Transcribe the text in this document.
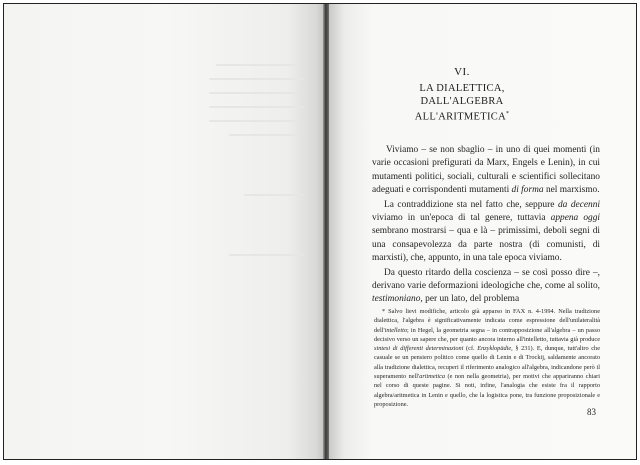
VI.
LA DIALETTICA,
DALL'ALGEBRA ALL'ARITMETICA*

Viviamo – se non sbaglio – in uno di quei momenti (in varie occasioni prefigurati da Marx, Engels e Lenin), in cui mutamenti politici, sociali, culturali e scientifici sollecitano adeguati e corrispondenti mutamenti di forma nel marxismo.

La contraddizione sta nel fatto che, seppure da decenni viviamo in un'epoca di tal genere, tuttavia appena oggi sembrano mostrarsi – qua e là – primissimi, deboli segni di una consapevolezza da parte nostra (di comunisti, di marxisti), che, appunto, in una tale epoca viviamo.

Da questo ritardo della coscienza – se così posso dire –, derivano varie deformazioni ideologiche che, come al solito, testimoniano, per un lato, del problema

* Salvo lievi modifiche, articolo già apparso in FAX n. 4-1994. Nella tradizione dialettica, l'algebra è significativamente indicata come espressione dell'unilateralità dell'intelletto; in Hegel, la geometria segna – in contrapposizione all'algebra – un passo decisivo verso un sapere che, per quanto ancora interno all'intelletto, tuttavia già produce sintesi di differenti determinazioni (cf. Enzyklopädie, § 231). E, dunque, tutt'altro che casuale se un pensiero politico come quello di Lenin e di Trockij, saldamente ancorato alla tradizione dialettica, recuperi il riferimento analogico all'algebra, indicandone però il superamento nell'aritmetica (e non nella geometria), per motivi che appariranno chiari nel corso di queste pagine. Si noti, infine, l'analogia che esiste fra il rapporto algebra/aritmetica in Lenin e quello, che la logistica pone, tra funzione proposizionale e proposizione.

83
